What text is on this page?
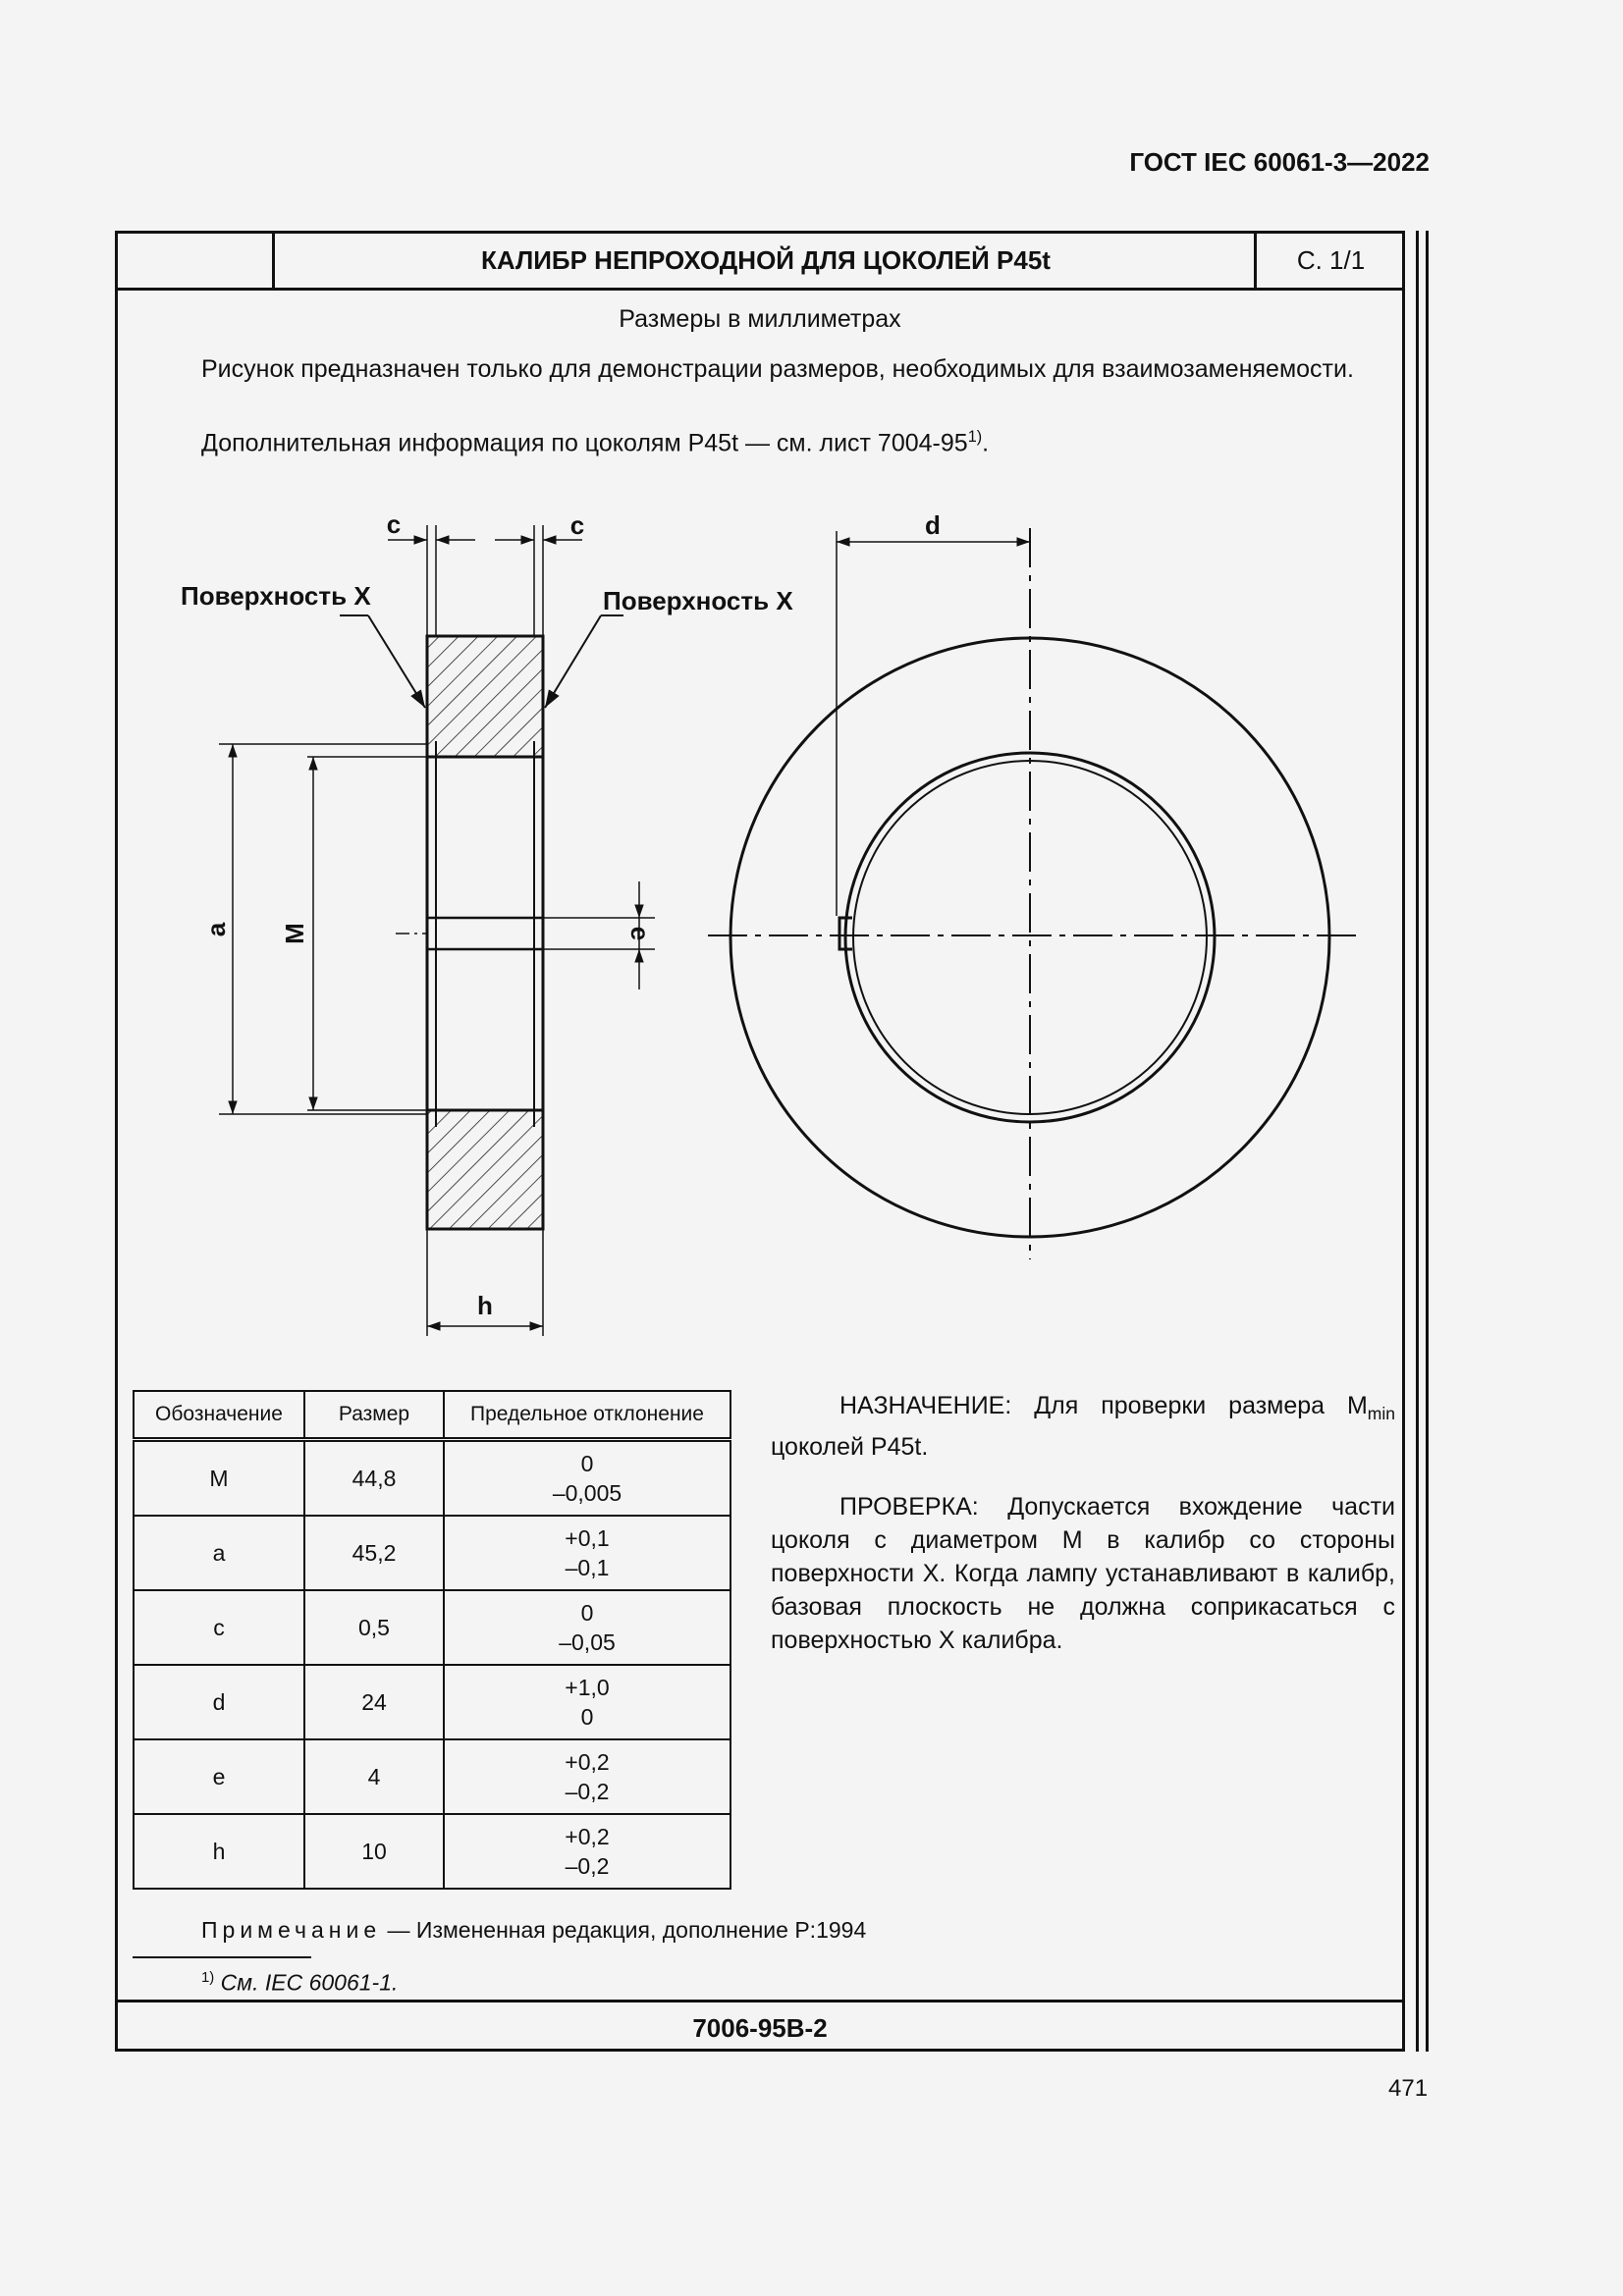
ГОСТ IEC 60061-3—2022
КАЛИБР НЕПРОХОДНОЙ ДЛЯ ЦОКОЛЕЙ P45t	С. 1/1
Размеры в миллиметрах
Рисунок предназначен только для демонстрации размеров, необходимых для взаимозаменяемости.
Дополнительная информация по цоколям P45t — см. лист 7004-95$^{1)}$.
c	c	d
h
a M	e
Поверхность X	Поверхность X
Обозначение	Размер	Предельное отклонение
M	44,8	0
–0,005

a	45,2	+0,1
–0,1

c	0,5	0
–0,05

d	24	+1,0
0

e	4	+0,2
–0,2

h	10	+0,2
–0,2
НАЗНАЧЕНИЕ: Для проверки размера $M_{min}$ цоколей P45t.
ПРОВЕРКА: Допускается вхождение части цоколя с диаметром M в калибр со стороны поверхности X. Когда лампу устанавливают в калибр, базовая плоскость не должна соприкасаться с поверхностью X калибра.
Примечание — Измененная редакция, дополнение P:1994
$^{1)}$ См. IEC 60061-1.
7006-95B-2
471
